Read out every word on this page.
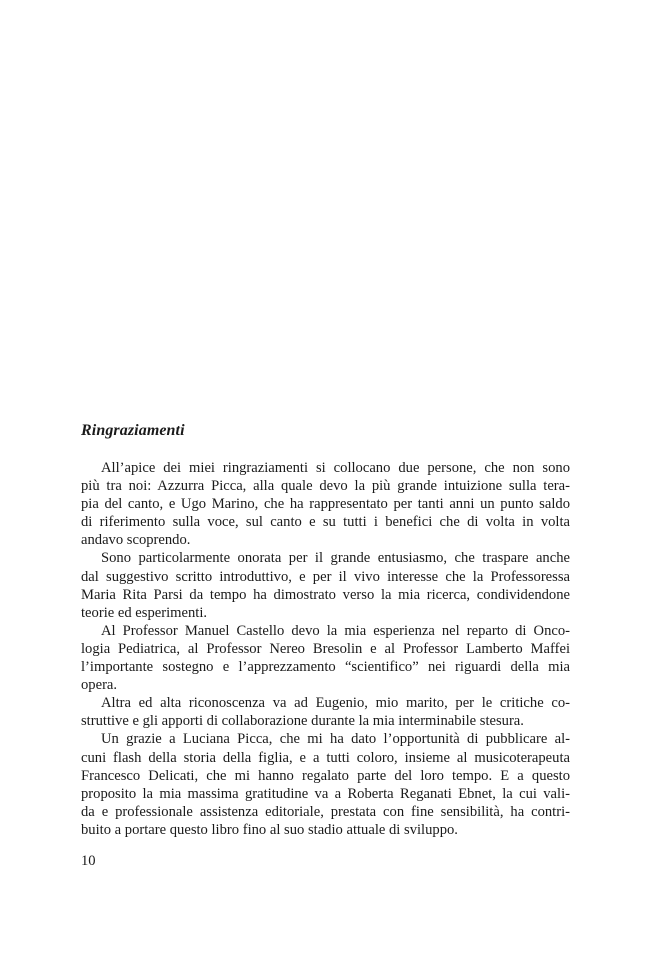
Ringraziamenti
All’apice dei miei ringraziamenti si collocano due persone, che non sono
più tra noi: Azzurra Picca, alla quale devo la più grande intuizione sulla tera-
pia del canto, e Ugo Marino, che ha rappresentato per tanti anni un punto saldo
di riferimento sulla voce, sul canto e su tutti i benefici che di volta in volta
andavo scoprendo.
Sono particolarmente onorata per il grande entusiasmo, che traspare anche
dal suggestivo scritto introduttivo, e per il vivo interesse che la Professoressa
Maria Rita Parsi da tempo ha dimostrato verso la mia ricerca, condividendone
teorie ed esperimenti.
Al Professor Manuel Castello devo la mia esperienza nel reparto di Onco-
logia Pediatrica, al Professor Nereo Bresolin e al Professor Lamberto Maffei
l’importante sostegno e l’apprezzamento “scientifico” nei riguardi della mia
opera.
Altra ed alta riconoscenza va ad Eugenio, mio marito, per le critiche co-
struttive e gli apporti di collaborazione durante la mia interminabile stesura.
Un grazie a Luciana Picca, che mi ha dato l’opportunità di pubblicare al-
cuni flash della storia della figlia, e a tutti coloro, insieme al musicoterapeuta
Francesco Delicati, che mi hanno regalato parte del loro tempo. E a questo
proposito la mia massima gratitudine va a Roberta Reganati Ebnet, la cui vali-
da e professionale assistenza editoriale, prestata con fine sensibilità, ha contri-
buito a portare questo libro fino al suo stadio attuale di sviluppo.
10
